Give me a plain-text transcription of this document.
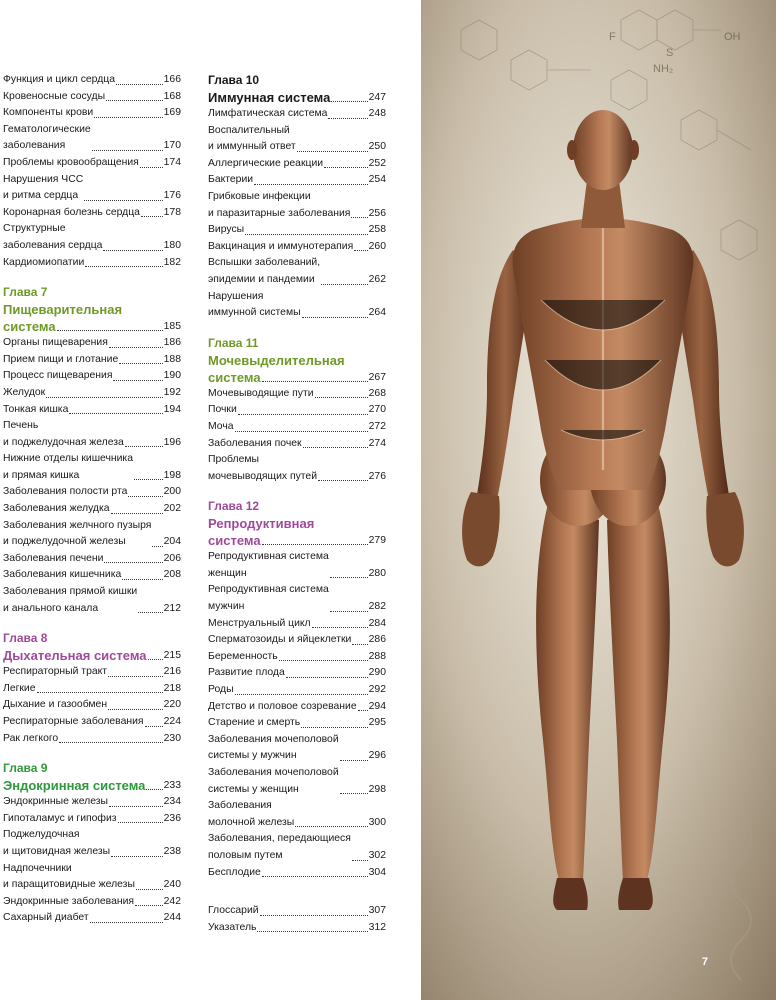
Функция и цикл сердца	166
Кровеносные сосуды	168
Компоненты крови	169
Гематологические
заболевания	170
Проблемы кровообращения 174
Нарушения ЧСС
и ритма сердца	176
Коронарная болезнь сердца 178
Структурные
заболевания сердца	180
Кардиомиопатии	182
Глава 7
Пищеварительная
система	185
Органы пищеварения	186
Прием пищи и глотание	188
Процесс пищеварения	190
Желудок	192
Тонкая кишка	194
Печень
и поджелудочная железа	196
Нижние отделы кишечника
и прямая кишка	198
Заболевания полости рта	200
Заболевания желудка	202
Заболевания желчного пузыря
и поджелудочной железы	204
Заболевания печени	206
Заболевания кишечника	208
Заболевания прямой кишки
и анального канала	212
Глава 8
Дыхательная система 215
Респираторный тракт	216
Легкие	218
Дыхание и газообмен	220
Респираторные заболевания 224
Рак легкого	230
Глава 9
Эндокринная система 233
Эндокринные железы	234
Гипоталамус и гипофиз	236
Поджелудочная
и щитовидная железы	238
Надпочечники
и паращитовидные железы	240
Эндокринные заболевания	242
Сахарный диабет	244
Глава 10
Иммунная система	247
Лимфатическая система	248
Воспалительный
и иммунный ответ	250
Аллергические реакции	252
Бактерии	254
Грибковые инфекции
и паразитарные заболевания 256
Вирусы	258
Вакцинация и иммунотерапия 260
Вспышки заболеваний,
эпидемии и пандемии	262
Нарушения
иммунной системы	264
Глава 11
Мочевыделительная
система	267
Мочевыводящие пути	268
Почки	270
Моча	272
Заболевания почек	274
Проблемы
мочевыводящих путей	276
Глава 12
Репродуктивная
система	279
Репродуктивная система
женщин	280
Репродуктивная система
мужчин	282
Менструальный цикл	284
Сперматозоиды и яйцеклетки 286
Беременность	288
Развитие плода	290
Роды	292
Детство и половое созревание 294
Старение и смерть	295
Заболевания мочеполовой
системы у мужчин	296
Заболевания мочеполовой
системы у женщин	298
Заболевания
молочной железы	300
Заболевания, передающиеся
половым путем	302
Бесплодие	304
Глоссарий	307
Указатель	312
OH
NH₂
S
F
7
